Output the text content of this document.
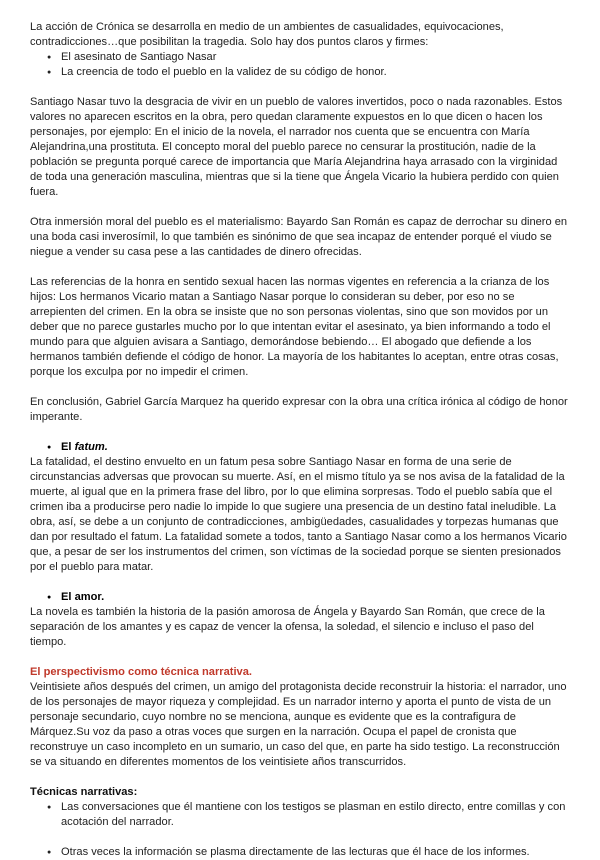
La acción de Crónica se desarrolla en medio de un ambientes de casualidades, equivocaciones, contradicciones…que posibilitan la tragedia. Solo hay dos puntos claros y firmes:

● El asesinato de Santiago Nasar
● La creencia de todo el pueblo en la validez de su código de honor.

Santiago Nasar tuvo la desgracia de vivir en un pueblo de valores invertidos, poco o nada razonables. Estos valores no aparecen escritos en la obra, pero quedan claramente expuestos en lo que dicen o hacen los personajes, por ejemplo: En el inicio de la novela, el narrador nos cuenta que se encuentra con María Alejandrina,una prostituta. El concepto moral del pueblo parece no censurar la prostitución, nadie de la población se pregunta porqué carece de importancia que María Alejandrina haya arrasado con la virginidad de toda una generación masculina, mientras que si la tiene que Ángela Vicario la hubiera perdido con quien fuera.

Otra inmersión moral del pueblo es el materialismo: Bayardo San Román es capaz de derrochar su dinero en una boda casi inverosímil, lo que también es sinónimo de que sea incapaz de entender porqué el viudo se niegue a vender su casa pese a las cantidades de dinero ofrecidas.

Las referencias de la honra en sentido sexual hacen las normas vigentes en referencia a la crianza de los hijos: Los hermanos Vicario matan a Santiago Nasar porque lo consideran su deber, por eso no se arrepienten del crimen. En la obra se insiste que no son personas violentas, sino que son movidos por un deber que no parece gustarles mucho por lo que intentan evitar el asesinato, ya bien informando a todo el mundo para que alguien avisara a Santiago, demorándose bebiendo… El abogado que defiende a los hermanos también defiende el código de honor. La mayoría de los habitantes lo aceptan, entre otras cosas, porque los exculpa por no impedir el crimen.

En conclusión, Gabriel García Marquez ha querido expresar con la obra una crítica irónica al código de honor imperante.

● El fatum.

La fatalidad, el destino envuelto en un fatum pesa sobre Santiago Nasar en forma de una serie de circunstancias adversas que provocan su muerte. Así, en el mismo título ya se nos avisa de la fatalidad de la muerte, al igual que en la primera frase del libro, por lo que elimina sorpresas. Todo el pueblo sabía que el crimen iba a producirse pero nadie lo impide lo que sugiere una presencia de un destino fatal ineludible. La obra, así, se debe a un conjunto de contradicciones, ambigüedades, casualidades y torpezas humanas que dan por resultado el fatum. La fatalidad somete a todos, tanto a Santiago Nasar como a los hermanos Vicario que, a pesar de ser los instrumentos del crimen, son víctimas de la sociedad porque se sienten presionados por el pueblo para matar.

● El amor.

La novela es también la historia de la pasión amorosa de Ángela y Bayardo San Román, que crece de la separación de los amantes y es capaz de vencer la ofensa, la soledad, el silencio e incluso el paso del tiempo.

El perspectivismo como técnica narrativa.

Veintisiete años después del crimen, un amigo del protagonista decide reconstruir la historia: el narrador, uno de los personajes de mayor riqueza y complejidad. Es un narrador interno y aporta el punto de vista de un personaje secundario, cuyo nombre no se menciona, aunque es evidente que es la contrafigura de Márquez.Su voz da paso a otras voces que surgen en la narración. Ocupa el papel de cronista que reconstruye un caso incompleto en un sumario, un caso del que, en parte ha sido testigo. La reconstrucción se va situando en diferentes momentos de los veintisiete años transcurridos.

Técnicas narrativas:

● Las conversaciones que él mantiene con los testigos se plasman en estilo directo, entre comillas y con acotación del narrador.
● Otras veces la información se plasma directamente de las lecturas que él hace de los informes.
